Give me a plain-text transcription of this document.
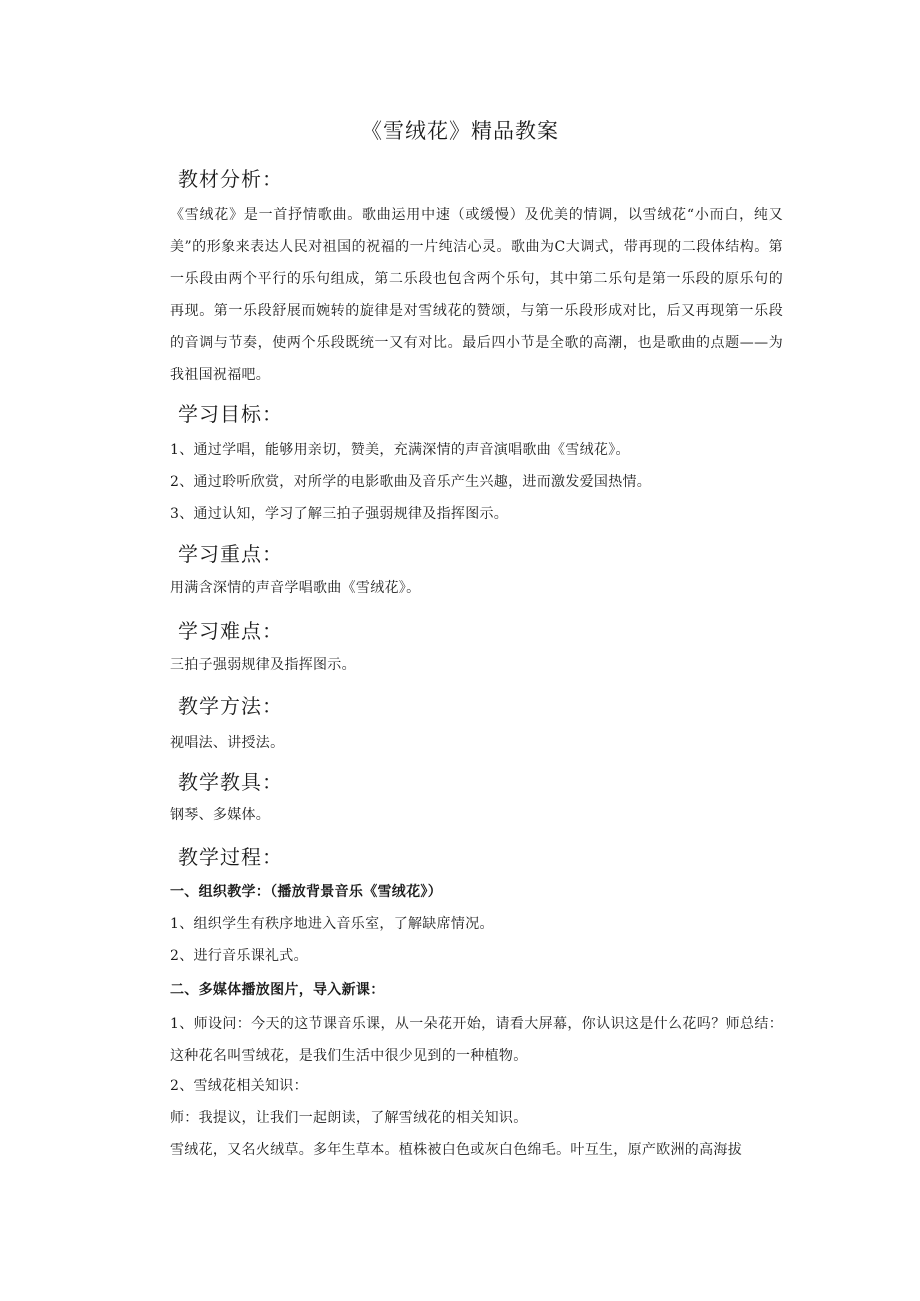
《雪绒花》精品教案
教材分析：

《雪绒花》是一首抒情歌曲。歌曲运用中速（或缓慢）及优美的情调，以雪绒花“小而白，纯又美”的形象来表达人民对祖国的祝福的一片纯洁心灵。歌曲为C大调式，带再现的二段体结构。第一乐段由两个平行的乐句组成，第二乐段也包含两个乐句，其中第二乐句是第一乐段的原乐句的再现。第一乐段舒展而婉转的旋律是对雪绒花的赞颂，与第一乐段形成对比，后又再现第一乐段的音调与节奏，使两个乐段既统一又有对比。最后四小节是全歌的高潮，也是歌曲的点题——为我祖国祝福吧。

学习目标：
1、通过学唱，能够用亲切，赞美，充满深情的声音演唱歌曲《雪绒花》。
2、通过聆听欣赏，对所学的电影歌曲及音乐产生兴趣，进而激发爱国热情。
3、通过认知，学习了解三拍子强弱规律及指挥图示。
学习重点：
用满含深情的声音学唱歌曲《雪绒花》。
学习难点：
三拍子强弱规律及指挥图示。
教学方法：
视唱法、讲授法。
教学教具：
钢琴、多媒体。
教学过程：
一、组织教学：（播放背景音乐《雪绒花》）
1、组织学生有秩序地进入音乐室，了解缺席情况。
2、进行音乐课礼式。
二、多媒体播放图片，导入新课：

1、师设问：今天的这节课音乐课，从一朵花开始，请看大屏幕，你认识这是什么花吗？师总结：这种花名叫雪绒花，是我们生活中很少见到的一种植物。

2、雪绒花相关知识：
师：我提议，让我们一起朗读，了解雪绒花的相关知识。
雪绒花，又名火绒草。多年生草本。植株被白色或灰白色绵毛。叶互生，原产欧洲的高海拔
